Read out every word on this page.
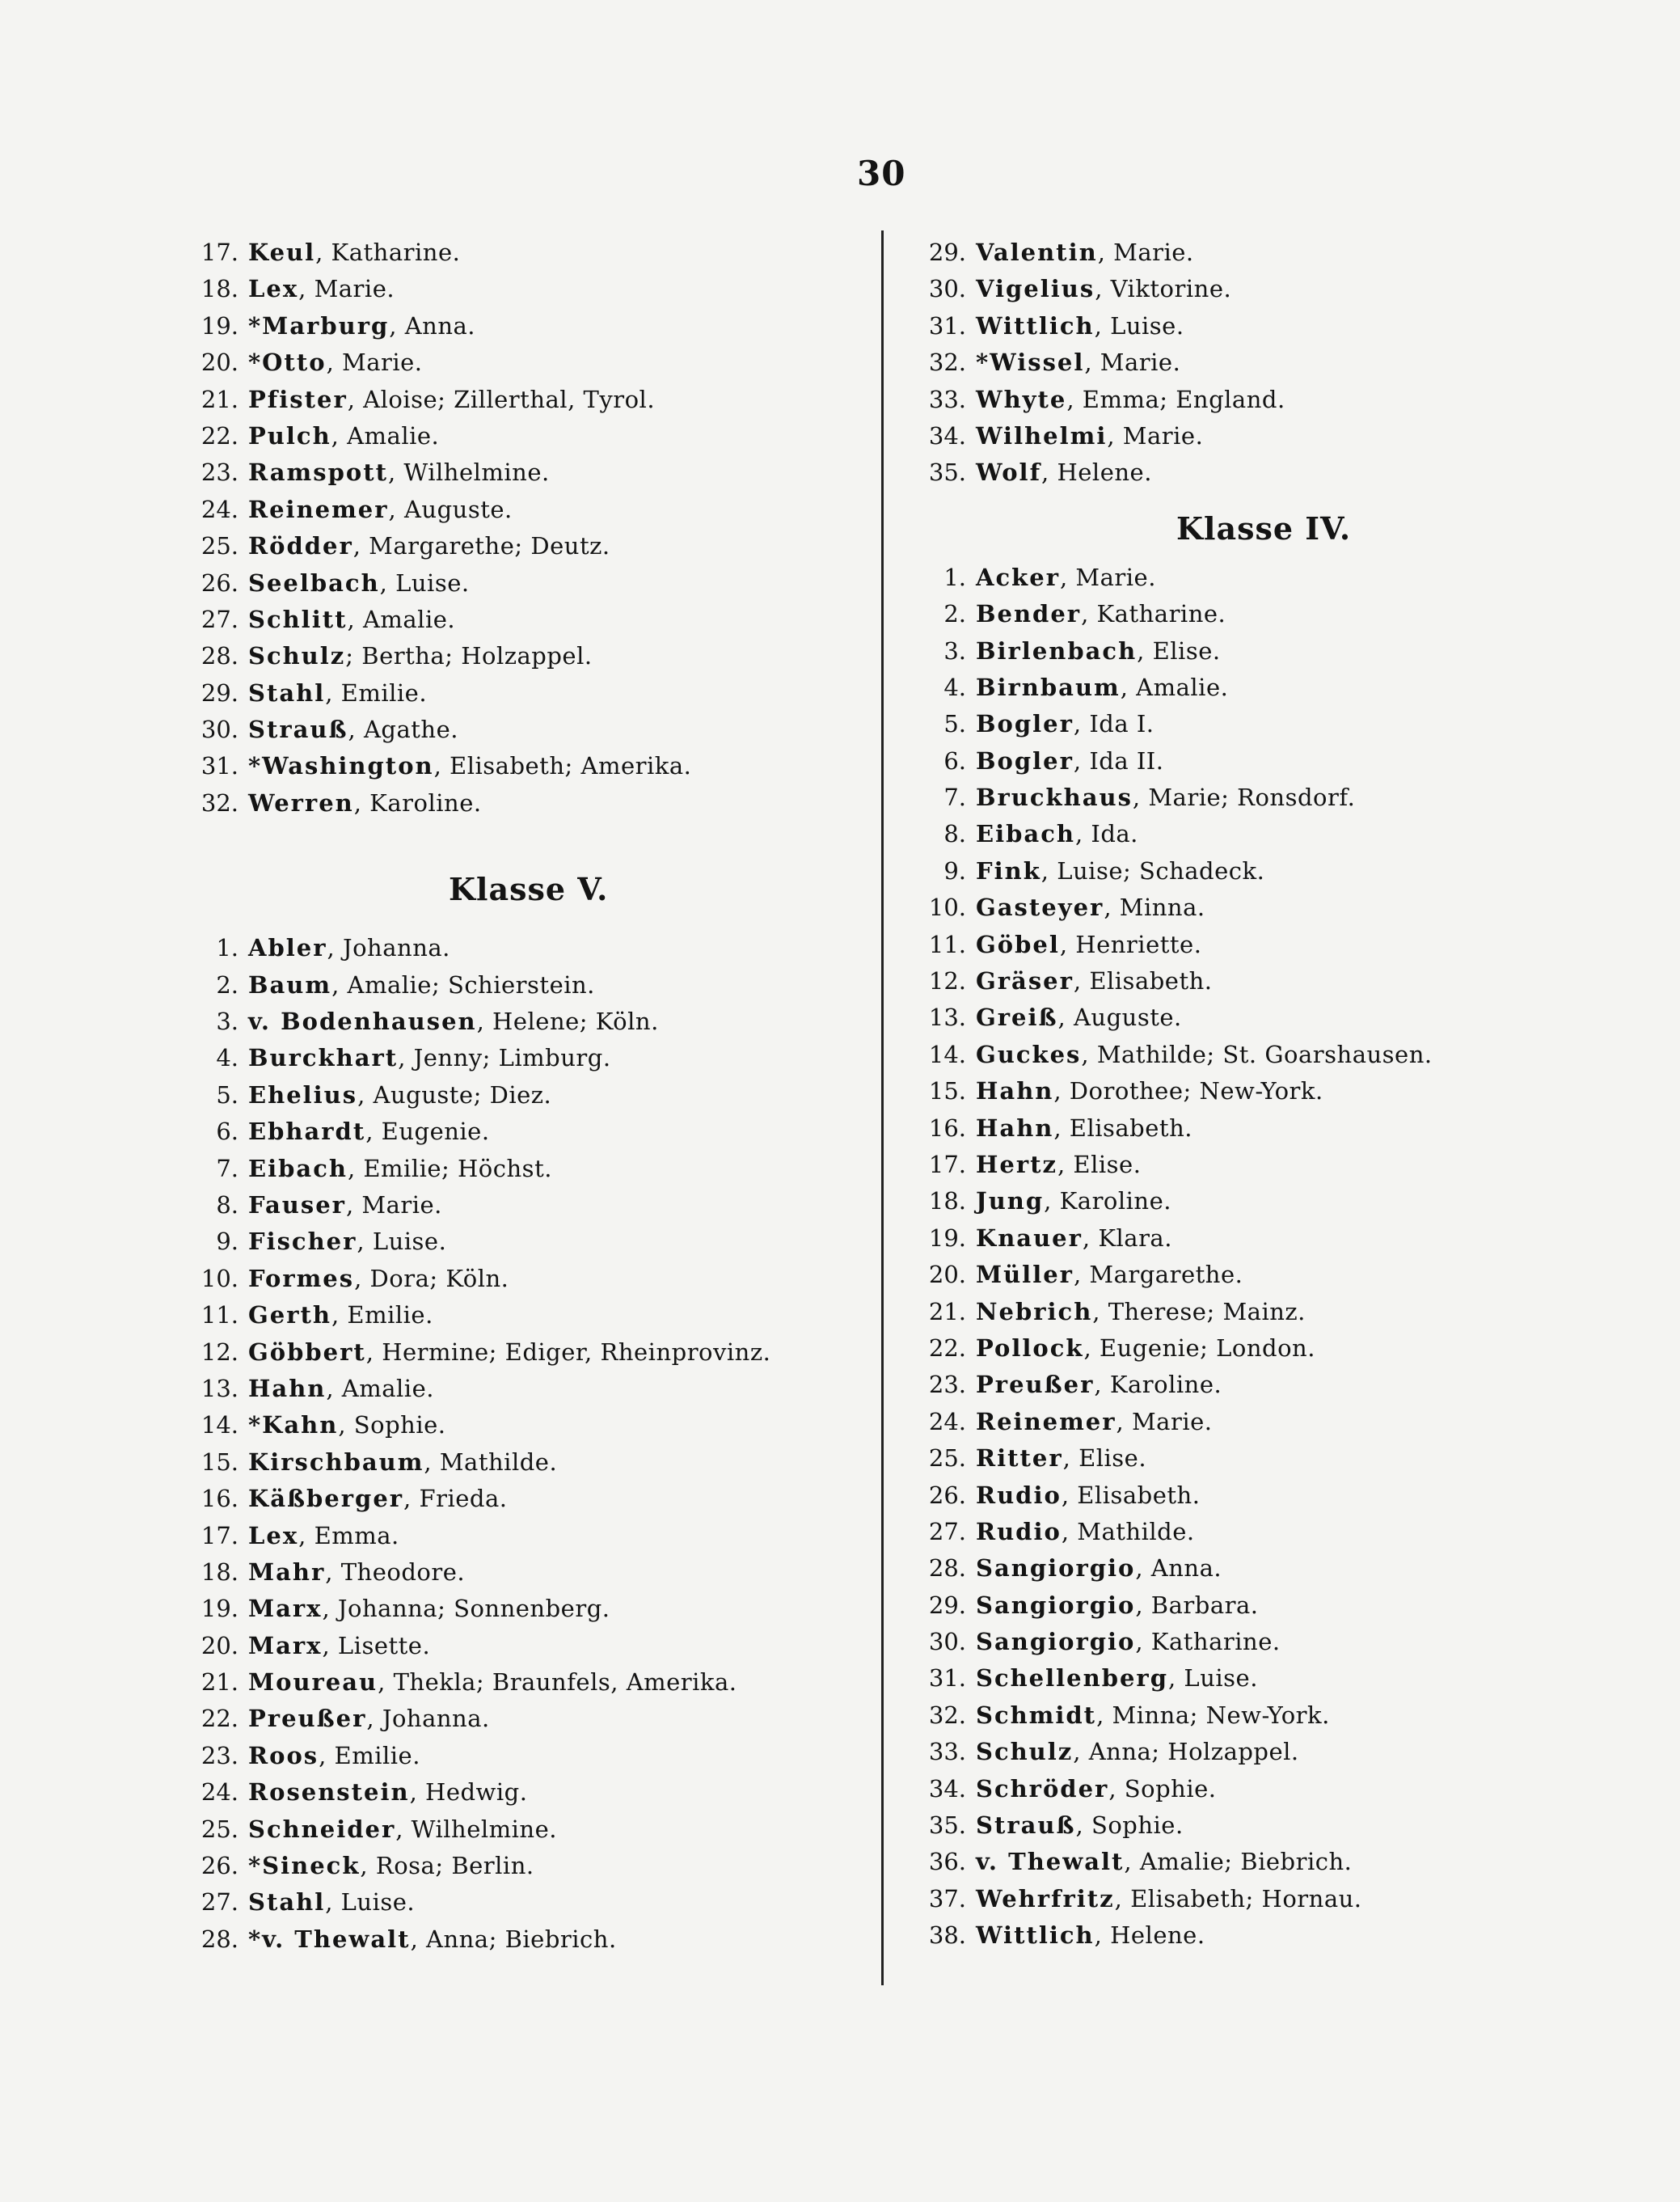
30
17. Keul , Katharine.
18. Lex , Marie.
19. *Marburg , Anna.
20. *Otto , Marie.
21. Pfister , Aloise; Zillerthal, Tyrol.
22. Pulch , Amalie.
23. Ramspott , Wilhelmine.
24. Reinemer , Auguste.
25. Rödder , Margarethe; Deutz.
26. Seelbach , Luise.
27. Schlitt , Amalie.
28. Schulz ; Bertha; Holzappel.
29. Stahl , Emilie.
30. Strauß , Agathe.
31. *Washington , Elisabeth; Amerika.
32. Werren , Karoline.
Klasse V.
1. Abler , Johanna.
2. Baum , Amalie; Schierstein.
3. v. Bodenhausen , Helene; Köln.
4. Burckhart , Jenny; Limburg.
5. Ehelius , Auguste; Diez.
6. Ebhardt , Eugenie.
7. Eibach , Emilie; Höchst.
8. Fauser , Marie.
9. Fischer , Luise.
10. Formes , Dora; Köln.
11. Gerth , Emilie.
12. Göbbert , Hermine; Ediger, Rheinprovinz.
13. Hahn , Amalie.
14. *Kahn , Sophie.
15. Kirschbaum , Mathilde.
16. Käßberger , Frieda.
17. Lex , Emma.
18. Mahr , Theodore.
19. Marx , Johanna; Sonnenberg.
20. Marx , Lisette.
21. Moureau , Thekla; Braunfels, Amerika.
22. Preußer , Johanna.
23. Roos , Emilie.
24. Rosenstein , Hedwig.
25. Schneider , Wilhelmine.
26. *Sineck , Rosa; Berlin.
27. Stahl , Luise.
28. *v. Thewalt , Anna; Biebrich.
29. Valentin , Marie.
30. Vigelius , Viktorine.
31. Wittlich , Luise.
32. *Wissel , Marie.
33. Whyte , Emma; England.
34. Wilhelmi , Marie.
35. Wolf , Helene.
Klasse IV.
1. Acker , Marie.
2. Bender , Katharine.
3. Birlenbach , Elise.
4. Birnbaum , Amalie.
5. Bogler , Ida I.
6. Bogler , Ida II.
7. Bruckhaus , Marie; Ronsdorf.
8. Eibach , Ida.
9. Fink , Luise; Schadeck.
10. Gasteyer , Minna.
11. Göbel , Henriette.
12. Gräser , Elisabeth.
13. Greiß , Auguste.
14. Guckes , Mathilde; St. Goarshausen.
15. Hahn , Dorothee; New-York.
16. Hahn , Elisabeth.
17. Hertz , Elise.
18. Jung , Karoline.
19. Knauer , Klara.
20. Müller , Margarethe.
21. Nebrich , Therese; Mainz.
22. Pollock , Eugenie; London.
23. Preußer , Karoline.
24. Reinemer , Marie.
25. Ritter , Elise.
26. Rudio , Elisabeth.
27. Rudio , Mathilde.
28. Sangiorgio , Anna.
29. Sangiorgio , Barbara.
30. Sangiorgio , Katharine.
31. Schellenberg , Luise.
32. Schmidt , Minna; New-York.
33. Schulz , Anna; Holzappel.
34. Schröder , Sophie.
35. Strauß , Sophie.
36. v. Thewalt , Amalie; Biebrich.
37. Wehrfritz , Elisabeth; Hornau.
38. Wittlich , Helene.
